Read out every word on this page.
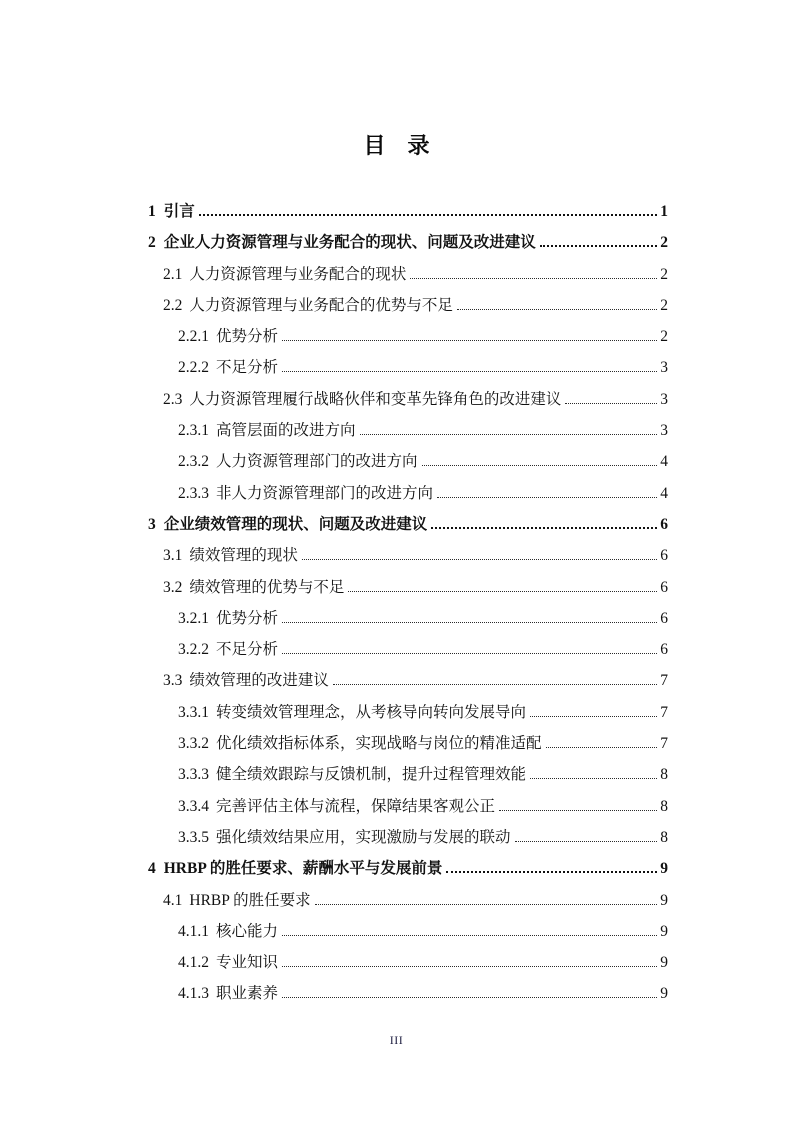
目　录
1 引言	1
2 企业人力资源管理与业务配合的现状、问题及改进建议	2
2.1 人力资源管理与业务配合的现状	2
2.2 人力资源管理与业务配合的优势与不足	2
2.2.1 优势分析	2
2.2.2 不足分析	3
2.3 人力资源管理履行战略伙伴和变革先锋角色的改进建议	3
2.3.1 高管层面的改进方向	3
2.3.2 人力资源管理部门的改进方向	4
2.3.3 非人力资源管理部门的改进方向	4
3 企业绩效管理的现状、问题及改进建议	6
3.1 绩效管理的现状	6
3.2 绩效管理的优势与不足	6
3.2.1 优势分析	6
3.2.2 不足分析	6
3.3 绩效管理的改进建议	7
3.3.1 转变绩效管理理念，从考核导向转向发展导向	7
3.3.2 优化绩效指标体系，实现战略与岗位的精准适配	7
3.3.3 健全绩效跟踪与反馈机制，提升过程管理效能	8
3.3.4 完善评估主体与流程，保障结果客观公正	8
3.3.5 强化绩效结果应用，实现激励与发展的联动	8
4 HRBP 的胜任要求、薪酬水平与发展前景	9
4.1 HRBP 的胜任要求	9
4.1.1 核心能力	9
4.1.2 专业知识	9
4.1.3 职业素养	9
III
